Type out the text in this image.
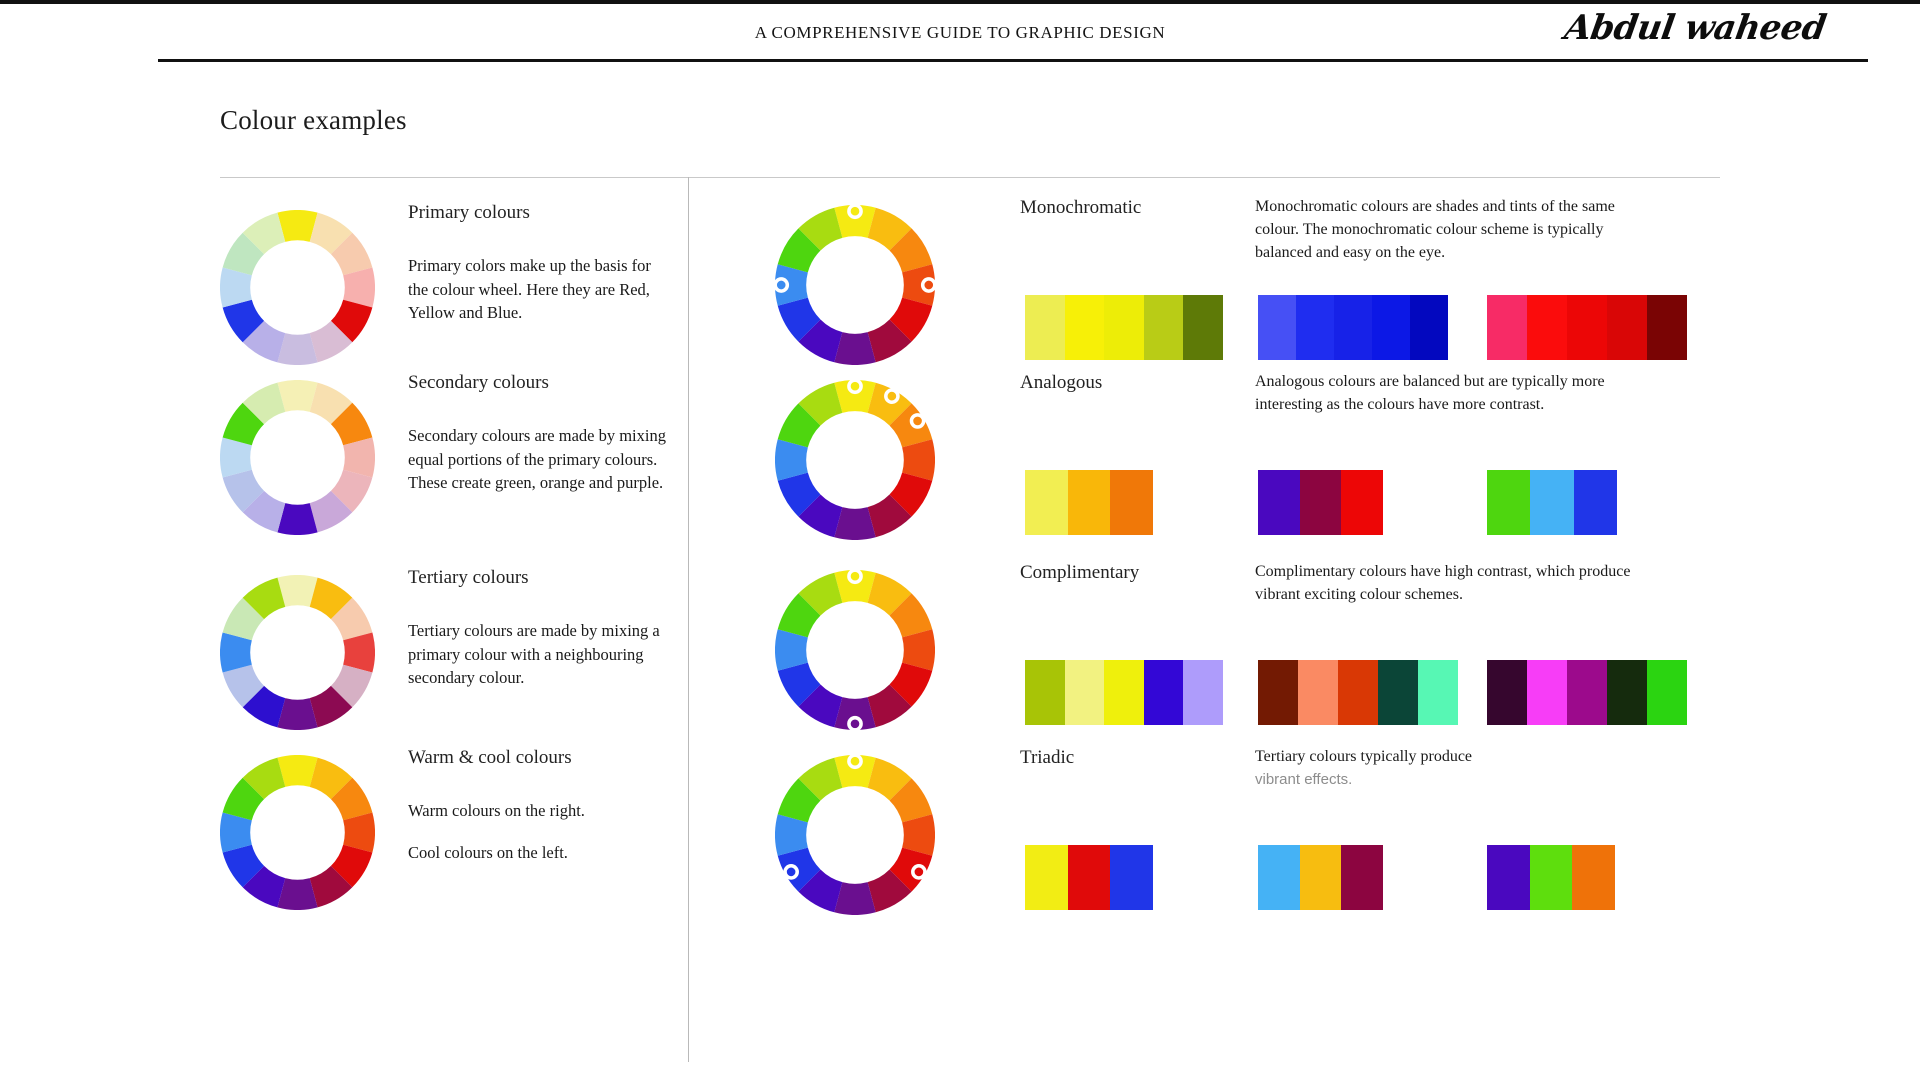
A COMPREHENSIVE GUIDE TO GRAPHIC DESIGN	Abdul waheed
Colour examples
Primary colours

Primary colors make up the basis for the colour wheel. Here they are Red, Yellow and Blue.

Secondary colours

Secondary colours are made by mixing equal portions of the primary colours. These create green, orange and purple.

Tertiary colours

Tertiary colours are made by mixing a primary colour with a neighbouring secondary colour.

Warm & cool colours

Warm colours on the right.

Cool colours on the left.

Monochromatic	Monochromatic colours are shades and tints of the same colour. The monochromatic colour scheme is typically balanced and easy on the eye.
Analogous	Analogous colours are balanced but are typically more interesting as the colours have more contrast.
Complimentary	Complimentary colours have high contrast, which produce vibrant exciting colour schemes.
Triadic	Tertiary colours typically produce
vibrant effects.
